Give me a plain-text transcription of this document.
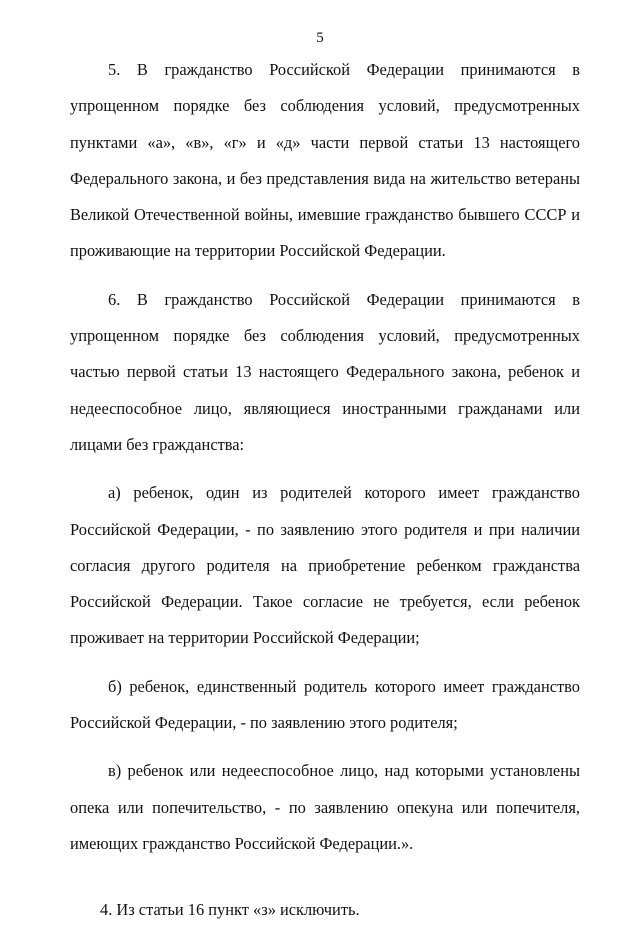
5

5. В гражданство Российской Федерации принимаются в упрощенном порядке без соблюдения условий, предусмотренных пунктами «а», «в», «г» и «д» части первой статьи 13 настоящего Федерального закона, и без представления вида на жительство ветераны Великой Отечественной войны, имевшие гражданство бывшего СССР и проживающие на территории Российской Федерации.

6. В гражданство Российской Федерации принимаются в упрощенном порядке без соблюдения условий, предусмотренных частью первой статьи 13 настоящего Федерального закона, ребенок и недееспособное лицо, являющиеся иностранными гражданами или лицами без гражданства:

а) ребенок, один из родителей которого имеет гражданство Российской Федерации, - по заявлению этого родителя и при наличии согласия другого родителя на приобретение ребенком гражданства Российской Федерации. Такое согласие не требуется, если ребенок проживает на территории Российской Федерации;

б) ребенок, единственный родитель которого имеет гражданство Российской Федерации, - по заявлению этого родителя;

в) ребенок или недееспособное лицо, над которыми установлены опека или попечительство, - по заявлению опекуна или попечителя, имеющих гражданство Российской Федерации.».

4. Из статьи 16 пункт «з» исключить.
